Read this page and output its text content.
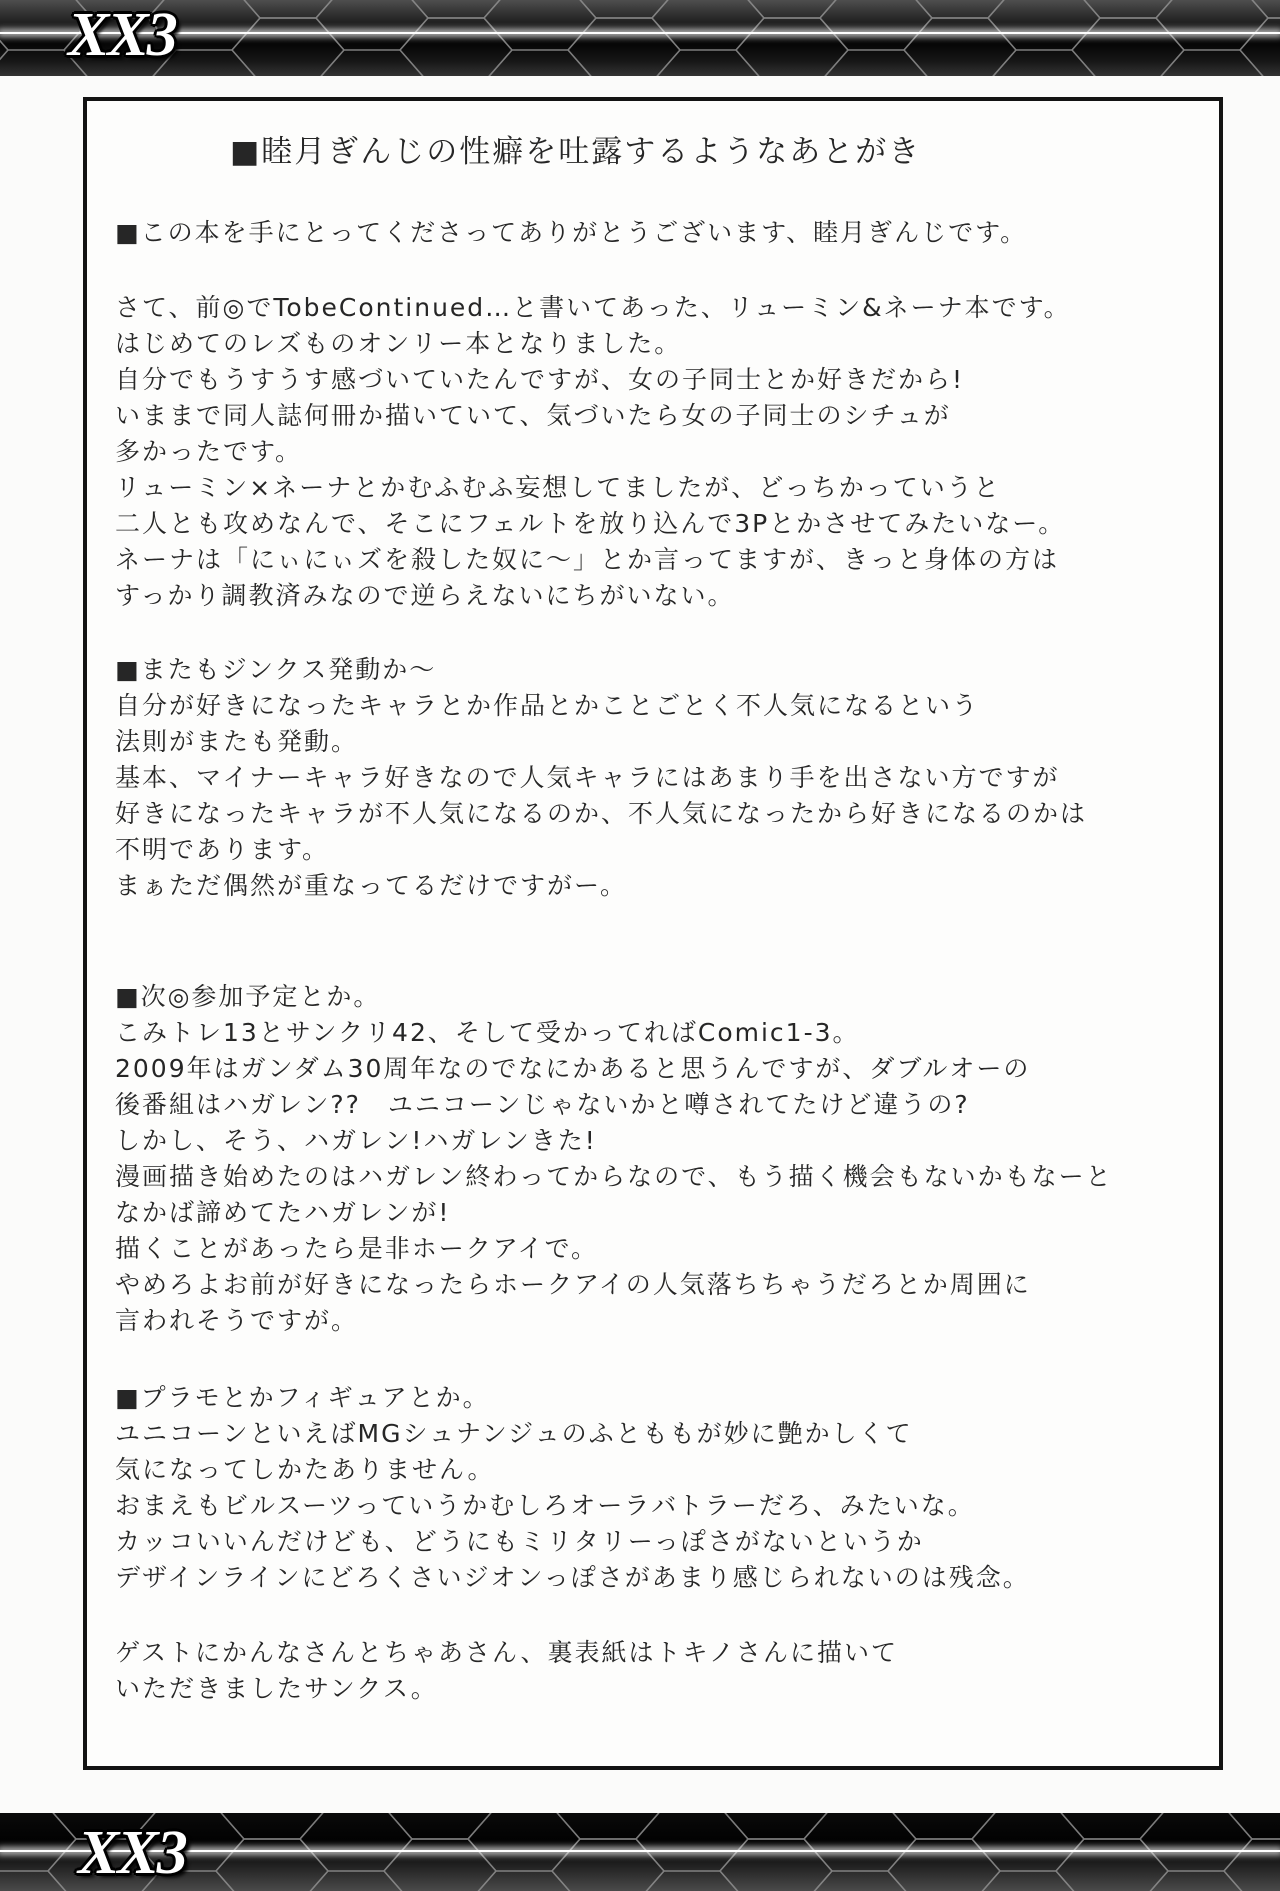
XX3
■睦月ぎんじの性癖を吐露するようなあとがき
■この本を手にとってくださってありがとうございます、睦月ぎんじです。
さて、前◎でTobeContinued…と書いてあった、リューミン&ネーナ本です。
はじめてのレズものオンリー本となりました。
自分でもうすうす感づいていたんですが、女の子同士とか好きだから!
いままで同人誌何冊か描いていて、気づいたら女の子同士のシチュが
多かったです。
リューミン×ネーナとかむふむふ妄想してましたが、どっちかっていうと
二人とも攻めなんで、そこにフェルトを放り込んで3Pとかさせてみたいなー。
ネーナは「にぃにぃズを殺した奴に〜」とか言ってますが、きっと身体の方は
すっかり調教済みなので逆らえないにちがいない。
■またもジンクス発動か〜
自分が好きになったキャラとか作品とかことごとく不人気になるという
法則がまたも発動。
基本、マイナーキャラ好きなので人気キャラにはあまり手を出さない方ですが
好きになったキャラが不人気になるのか、不人気になったから好きになるのかは
不明であります。
まぁただ偶然が重なってるだけですがー。
■次◎参加予定とか。
こみトレ13とサンクリ42、そして受かってればComic1-3。
2009年はガンダム30周年なのでなにかあると思うんですが、ダブルオーの
後番組はハガレン??　ユニコーンじゃないかと噂されてたけど違うの?
しかし、そう、ハガレン!ハガレンきた!
漫画描き始めたのはハガレン終わってからなので、もう描く機会もないかもなーと
なかば諦めてたハガレンが!
描くことがあったら是非ホークアイで。
やめろよお前が好きになったらホークアイの人気落ちちゃうだろとか周囲に
言われそうですが。
■プラモとかフィギュアとか。
ユニコーンといえばMGシュナンジュのふとももが妙に艶かしくて
気になってしかたありません。
おまえもビルスーツっていうかむしろオーラバトラーだろ、みたいな。
カッコいいんだけども、どうにもミリタリーっぽさがないというか
デザインラインにどろくさいジオンっぽさがあまり感じられないのは残念。
ゲストにかんなさんとちゃあさん、裏表紙はトキノさんに描いて
いただきましたサンクス。
XX3
